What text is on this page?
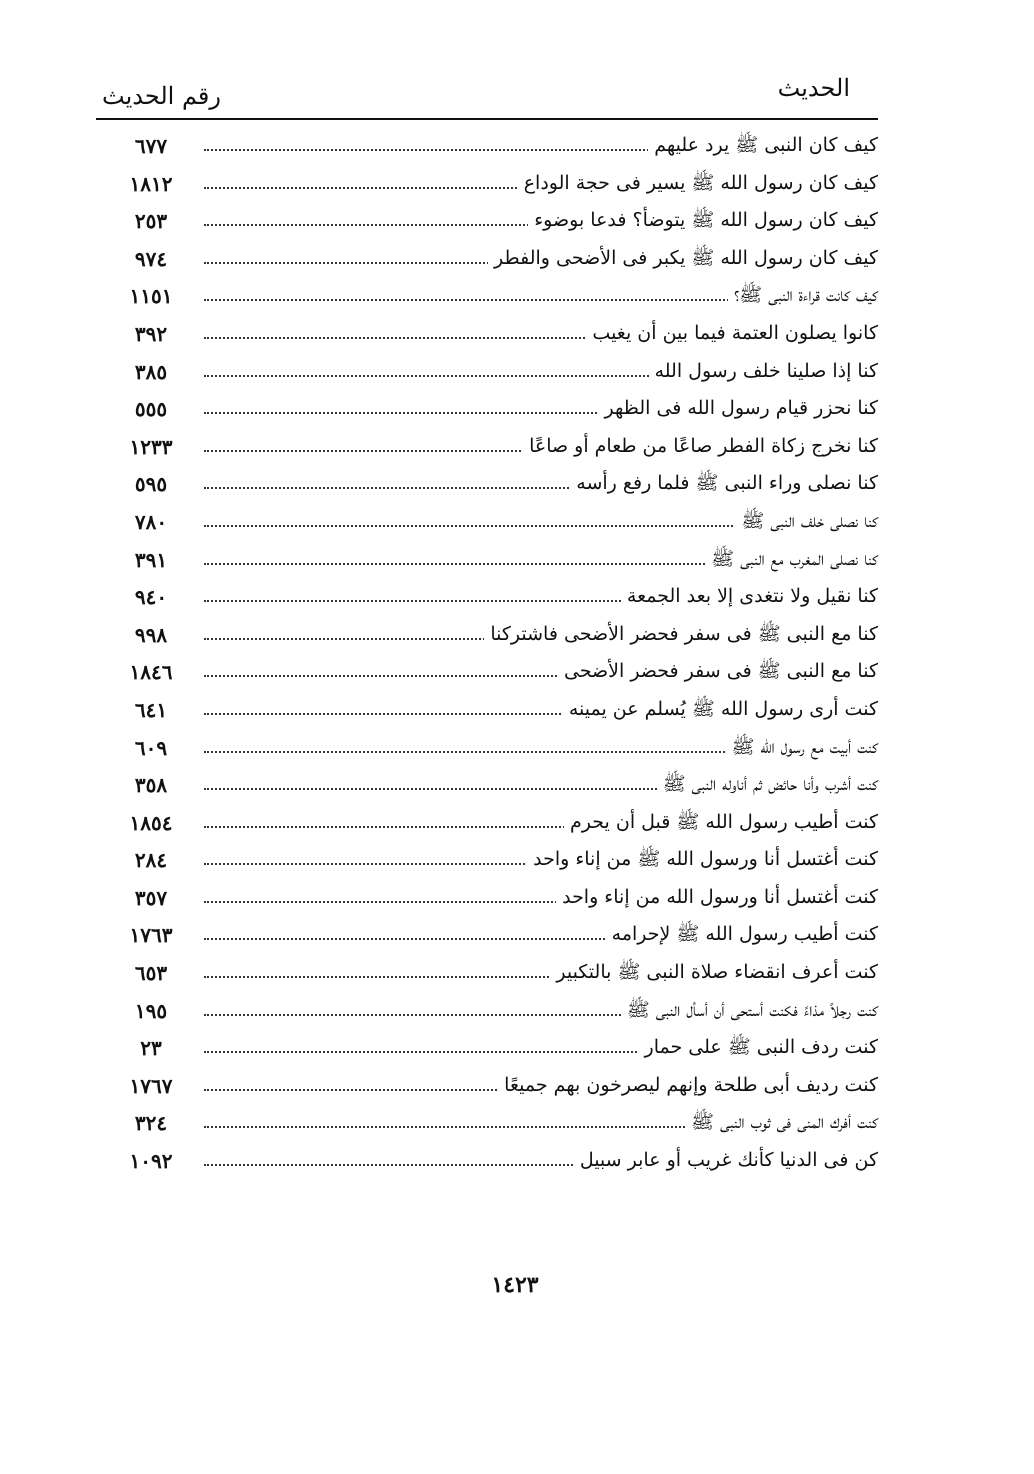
الحديث
رقم الحديث
كيف كان النبى ﷺ يرد عليهم
٦٧٧
كيف كان رسول الله ﷺ يسير فى حجة الوداع
١٨١٢
كيف كان رسول الله ﷺ يتوضأ؟ فدعا بوضوء
٢٥٣
كيف كان رسول الله ﷺ يكبر فى الأضحى والفطر
٩٧٤
كيف كانت قراءة النبى ﷺ؟
١١٥١
كانوا يصلون العتمة فيما بين أن يغيب
٣٩٢
كنا إذا صلينا خلف رسول الله
٣٨٥
كنا نحزر قيام رسول الله فى الظهر
٥٥٥
كنا نخرج زكاة الفطر صاعًا من طعام أو صاعًا
١٢٣٣
كنا نصلى وراء النبى ﷺ فلما رفع رأسه
٥٩٥
كنا نصلى خلف النبى ﷺ
٧٨٠
كنا نصلى المغرب مع النبى ﷺ
٣٩١
كنا نقيل ولا نتغدى إلا بعد الجمعة
٩٤٠
كنا مع النبى ﷺ فى سفر فحضر الأضحى فاشتركنا
٩٩٨
كنا مع النبى ﷺ فى سفر فحضر الأضحى
١٨٤٦
كنت أرى رسول الله ﷺ يُسلم عن يمينه
٦٤١
كنت أبيت مع رسول الله ﷺ
٦٠٩
كنت أشرب وأنا حائض ثم أناوله النبى ﷺ
٣٥٨
كنت أطيب رسول الله ﷺ قبل أن يحرم
١٨٥٤
كنت أغتسل أنا ورسول الله ﷺ من إناء واحد
٢٨٤
كنت أغتسل أنا ورسول الله من إناء واحد
٣٥٧
كنت أطيب رسول الله ﷺ لإحرامه
١٧٦٣
كنت أعرف انقضاء صلاة النبى ﷺ بالتكبير
٦٥٣
كنت رجلاً مذاءً فكنت أستحى أن أسأل النبى ﷺ
١٩٥
كنت ردف النبى ﷺ على حمار
٢٣
كنت رديف أبى طلحة وإنهم ليصرخون بهم جميعًا
١٧٦٧
كنت أفرك المنى فى ثوب النبى ﷺ
٣٢٤
كن فى الدنيا كأنك غريب أو عابر سبيل
١٠٩٢
١٤٢٣
